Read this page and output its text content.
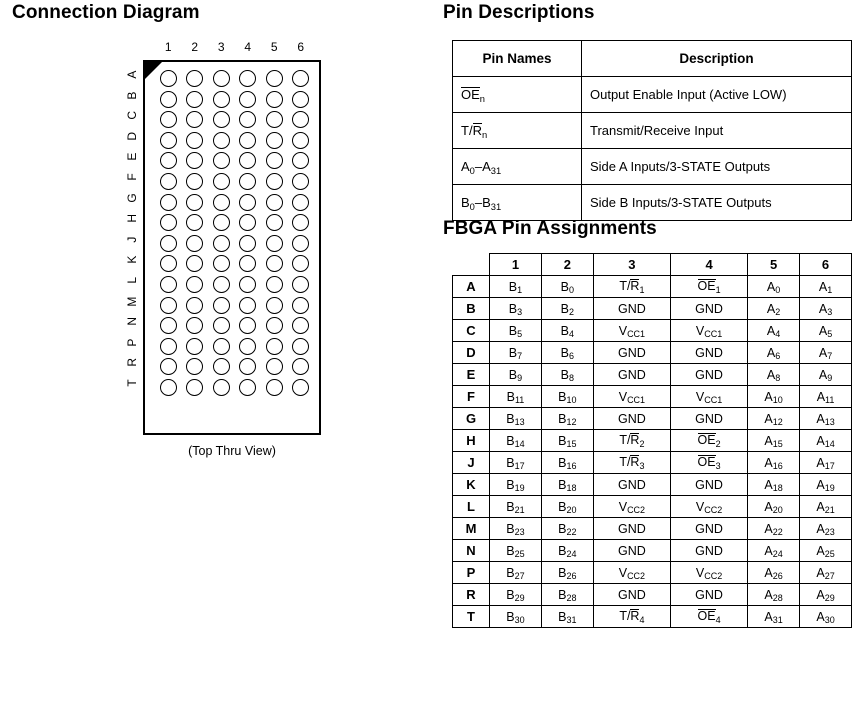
Connection Diagram	Pin Descriptions
FBGA Pin Assignments
1	2	3	4	5	6
A
B
C
D
E
F
G
H
J
K
L
M
N
P
R
T
(Top Thru View)
Pin Names	Description
$OE_n$	Output Enable Input (Active LOW)
$T/R_n$	Transmit/Receive Input
$A_0-A_{31}$	Side A Inputs/3-STATE Outputs
$B_0-B_{31}$	Side B Inputs/3-STATE Outputs
	1	2	3	4	5	6
A	$B_1$	$B_0$	$T/R_1$	$OE_1$	$A_0$	$A_1$
B	$B_3$	$B_2$	GND	GND	$A_2$	$A_3$
C	$B_5$	$B_4$	$V_{CC1}$	$V_{CC1}$	$A_4$	$A_5$
D	$B_7$	$B_6$	GND	GND	$A_6$	$A_7$
E	$B_9$	$B_8$	GND	GND	$A_8$	$A_9$
F	$B_{11}$	$B_{10}$	$V_{CC1}$	$V_{CC1}$	$A_{10}$	$A_{11}$
G	$B_{13}$	$B_{12}$	GND	GND	$A_{12}$	$A_{13}$
H	$B_{14}$	$B_{15}$	$T/R_2$	$OE_2$	$A_{15}$	$A_{14}$
J	$B_{17}$	$B_{16}$	$T/R_3$	$OE_3$	$A_{16}$	$A_{17}$
K	$B_{19}$	$B_{18}$	GND	GND	$A_{18}$	$A_{19}$
L	$B_{21}$	$B_{20}$	$V_{CC2}$	$V_{CC2}$	$A_{20}$	$A_{21}$
M	$B_{23}$	$B_{22}$	GND	GND	$A_{22}$	$A_{23}$
N	$B_{25}$	$B_{24}$	GND	GND	$A_{24}$	$A_{25}$
P	$B_{27}$	$B_{26}$	$V_{CC2}$	$V_{CC2}$	$A_{26}$	$A_{27}$
R	$B_{29}$	$B_{28}$	GND	GND	$A_{28}$	$A_{29}$
T	$B_{30}$	$B_{31}$	$T/R_4$	$OE_4$	$A_{31}$	$A_{30}$
